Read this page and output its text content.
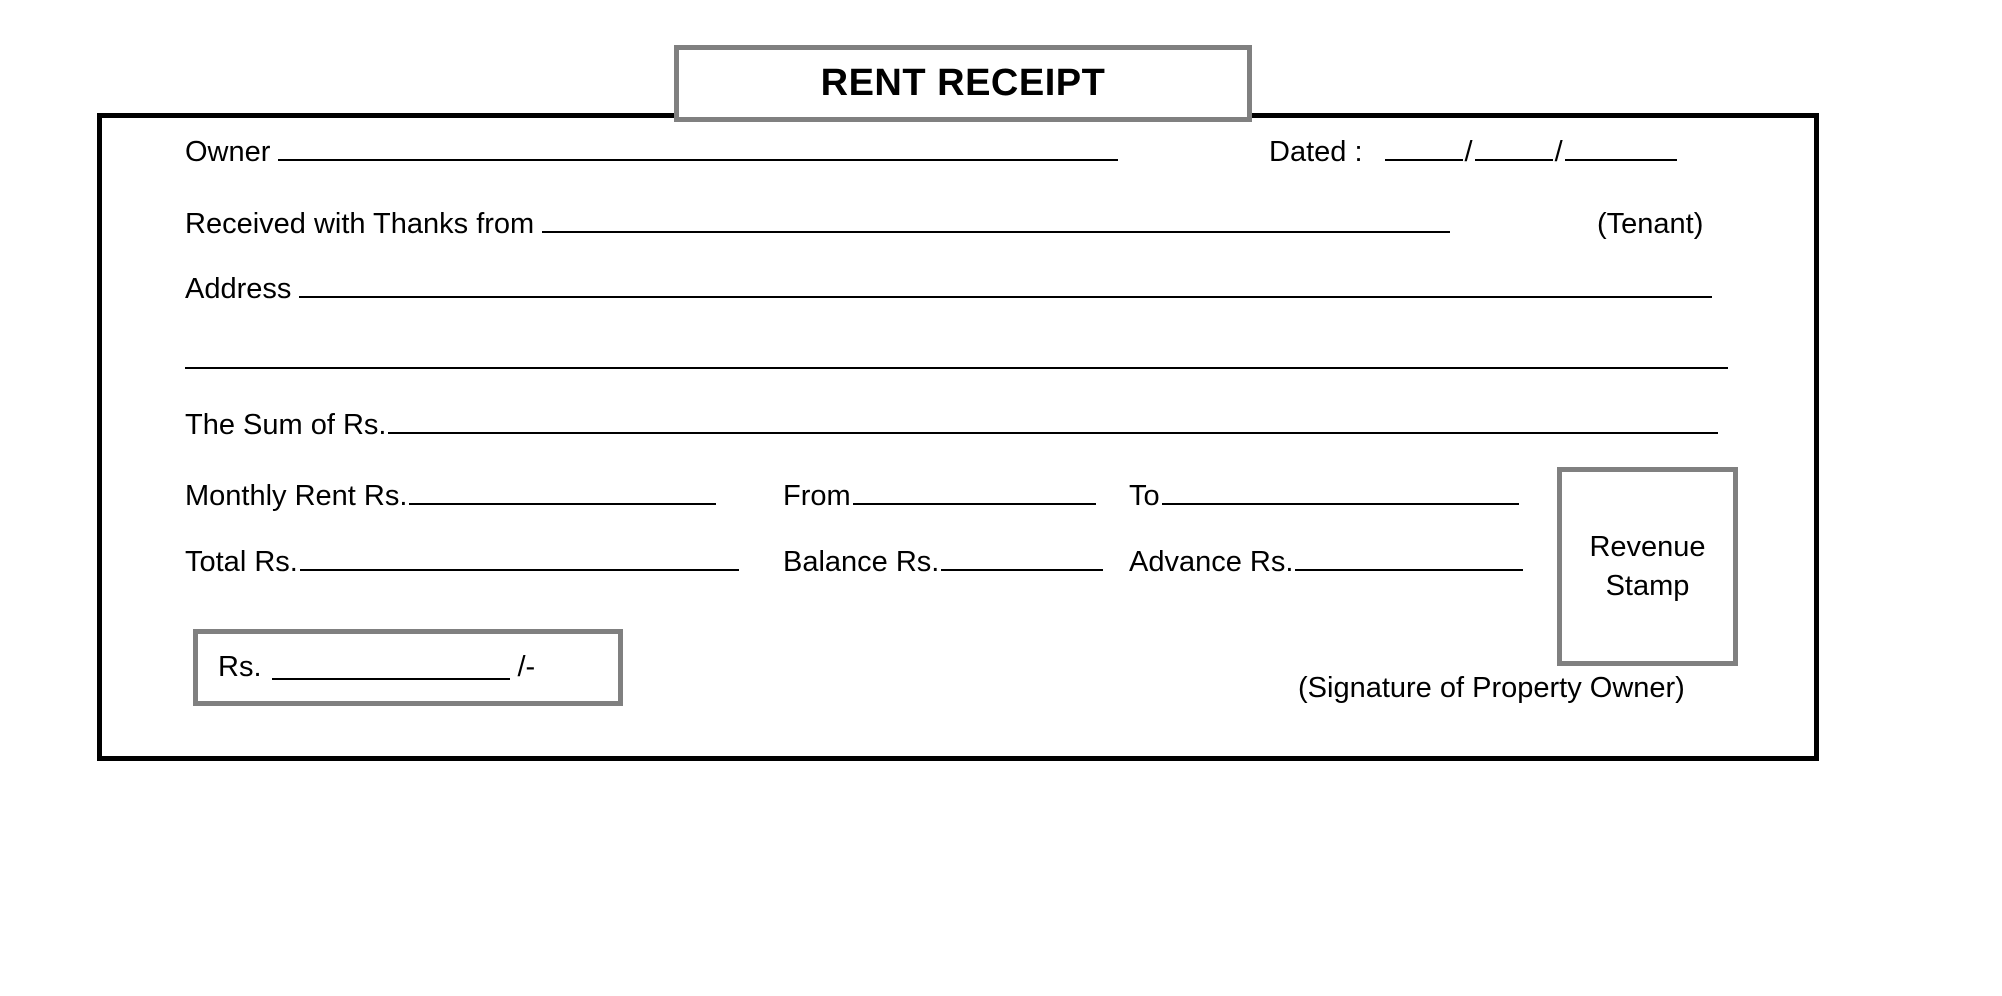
RENT RECEIPT
Owner	Dated :	/	/
Received with Thanks from	(Tenant)
Address
The Sum of Rs.
Monthly Rent Rs.	From	To
Total Rs.	Balance Rs.	Advance Rs.	Revenue Stamp
Rs.	/-
(Signature of Property Owner)
